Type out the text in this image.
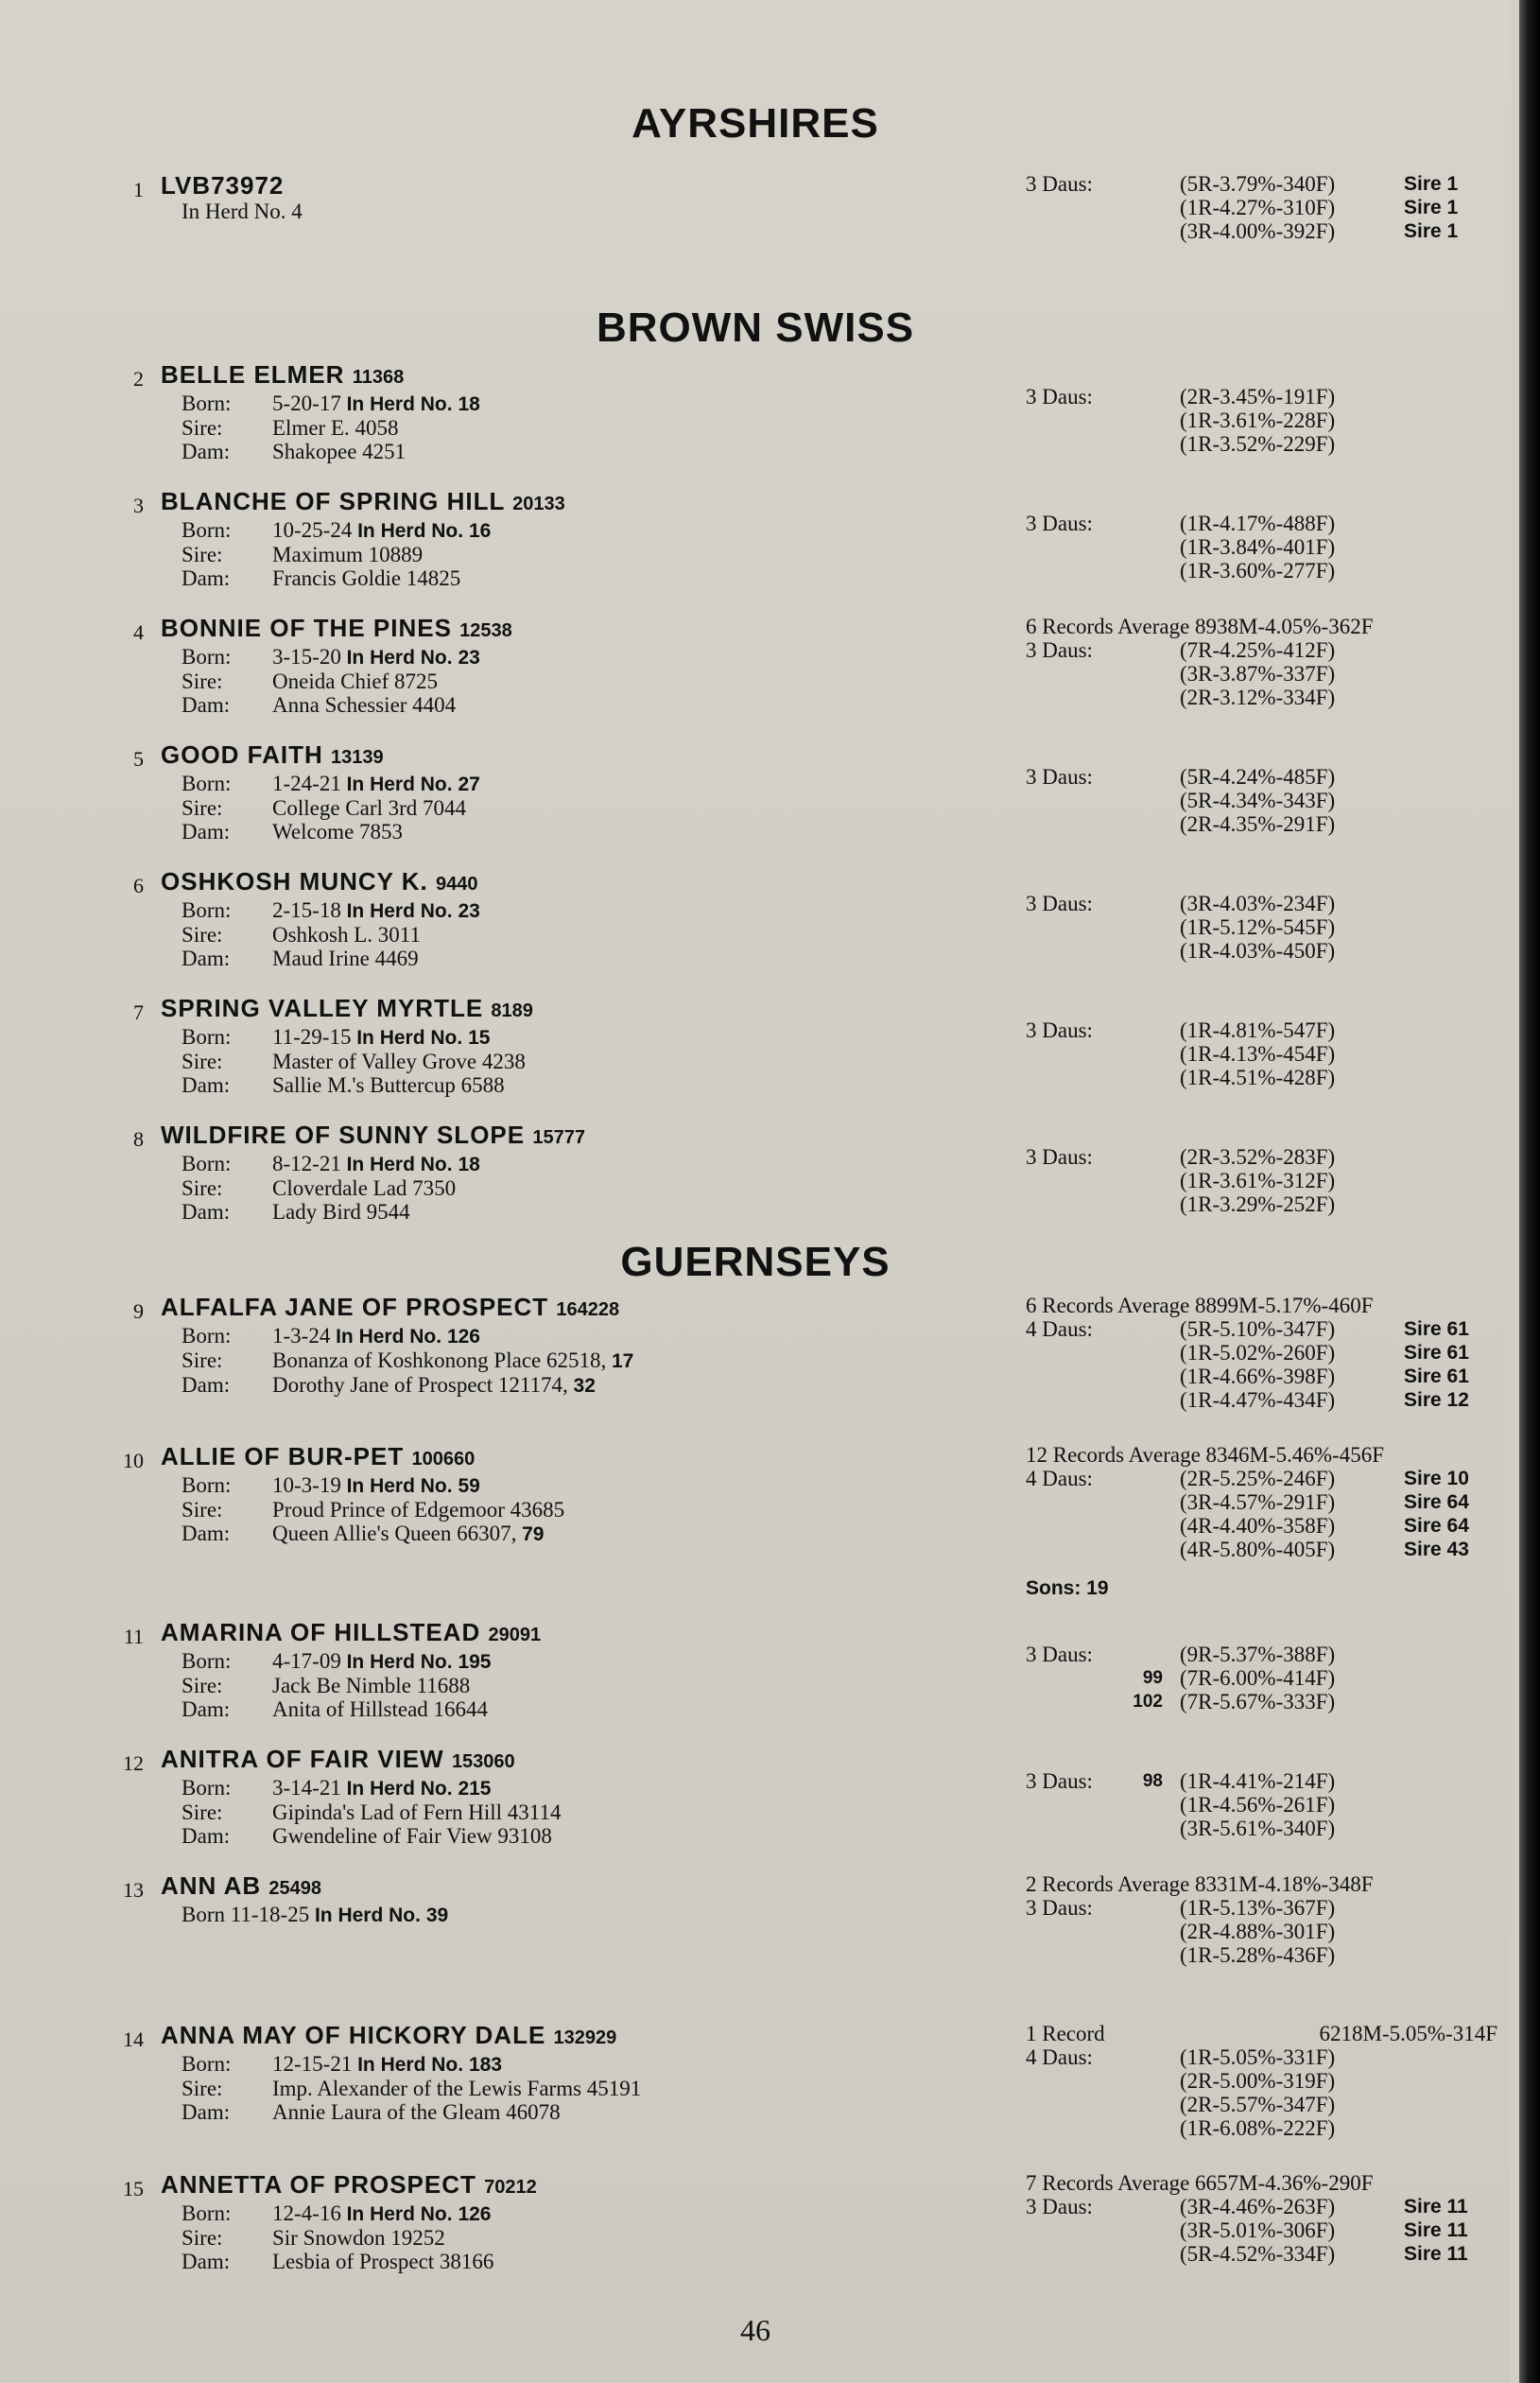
AYRSHIRES
BROWN SWISS
GUERNSEYS
1 LVB73972
In Herd No. 4
3 Daus:	(5R-3.79%-340F)	Sire 1
(1R-4.27%-310F)	Sire 1
(3R-4.00%-392F)	Sire 1
2 BELLE ELMER 11368
Born: 5-20-17 In Herd No. 18
Sire: Elmer E. 4058
Dam: Shakopee 4251
3 Daus:	(2R-3.45%-191F)
(1R-3.61%-228F)
(1R-3.52%-229F)
3 BLANCHE OF SPRING HILL 20133
Born: 10-25-24 In Herd No. 16
Sire: Maximum 10889
Dam: Francis Goldie 14825
3 Daus:	(1R-4.17%-488F)
(1R-3.84%-401F)
(1R-3.60%-277F)
4 BONNIE OF THE PINES 12538
Born: 3-15-20 In Herd No. 23
Sire: Oneida Chief 8725
Dam: Anna Schessier 4404
6 Records Average 8938M-4.05%-362F
3 Daus:	(7R-4.25%-412F)
(3R-3.87%-337F)
(2R-3.12%-334F)
5 GOOD FAITH 13139
Born: 1-24-21 In Herd No. 27
Sire: College Carl 3rd 7044
Dam: Welcome 7853
3 Daus:	(5R-4.24%-485F)
(5R-4.34%-343F)
(2R-4.35%-291F)
6 OSHKOSH MUNCY K. 9440
Born: 2-15-18 In Herd No. 23
Sire: Oshkosh L. 3011
Dam: Maud Irine 4469
3 Daus:	(3R-4.03%-234F)
(1R-5.12%-545F)
(1R-4.03%-450F)
7 SPRING VALLEY MYRTLE 8189
Born: 11-29-15 In Herd No. 15
Sire: Master of Valley Grove 4238
Dam: Sallie M.'s Buttercup 6588
3 Daus:	(1R-4.81%-547F)
(1R-4.13%-454F)
(1R-4.51%-428F)
8 WILDFIRE OF SUNNY SLOPE 15777
Born: 8-12-21 In Herd No. 18
Sire: Cloverdale Lad 7350
Dam: Lady Bird 9544
3 Daus:	(2R-3.52%-283F)
(1R-3.61%-312F)
(1R-3.29%-252F)
9 ALFALFA JANE OF PROSPECT 164228
Born: 1-3-24 In Herd No. 126
Sire: Bonanza of Koshkonong Place 62518, 17
Dam: Dorothy Jane of Prospect 121174, 32
6 Records Average 8899M-5.17%-460F
4 Daus:	(5R-5.10%-347F)	Sire 61
(1R-5.02%-260F)	Sire 61
(1R-4.66%-398F)	Sire 61
(1R-4.47%-434F)	Sire 12
10 ALLIE OF BUR-PET 100660
Born: 10-3-19 In Herd No. 59
Sire: Proud Prince of Edgemoor 43685
Dam: Queen Allie's Queen 66307, 79
12 Records Average 8346M-5.46%-456F
4 Daus:	(2R-5.25%-246F)	Sire 10
(3R-4.57%-291F)	Sire 64
(4R-4.40%-358F)	Sire 64
(4R-5.80%-405F)	Sire 43
Sons: 19
11 AMARINA OF HILLSTEAD 29091
Born: 4-17-09 In Herd No. 195
Sire: Jack Be Nimble 11688
Dam: Anita of Hillstead 16644
3 Daus:	(9R-5.37%-388F)
99 (7R-6.00%-414F)
102 (7R-5.67%-333F)
12 ANITRA OF FAIR VIEW 153060
Born: 3-14-21 In Herd No. 215
Sire: Gipinda's Lad of Fern Hill 43114
Dam: Gwendeline of Fair View 93108
3 Daus:	98 (1R-4.41%-214F)
(1R-4.56%-261F)
(3R-5.61%-340F)
13 ANN AB 25498
Born 11-18-25 In Herd No. 39
2 Records Average 8331M-4.18%-348F
3 Daus:	(1R-5.13%-367F)
(2R-4.88%-301F)
(1R-5.28%-436F)
14 ANNA MAY OF HICKORY DALE 132929
Born: 12-15-21 In Herd No. 183
Sire: Imp. Alexander of the Lewis Farms 45191
Dam: Annie Laura of the Gleam 46078
1 Record	6218M-5.05%-314F
4 Daus:	(1R-5.05%-331F)
(2R-5.00%-319F)
(2R-5.57%-347F)
(1R-6.08%-222F)
15 ANNETTA OF PROSPECT 70212
Born: 12-4-16 In Herd No. 126
Sire: Sir Snowdon 19252
Dam: Lesbia of Prospect 38166
7 Records Average 6657M-4.36%-290F
3 Daus:	(3R-4.46%-263F)	Sire 11
(3R-5.01%-306F)	Sire 11
(5R-4.52%-334F)	Sire 11
46
